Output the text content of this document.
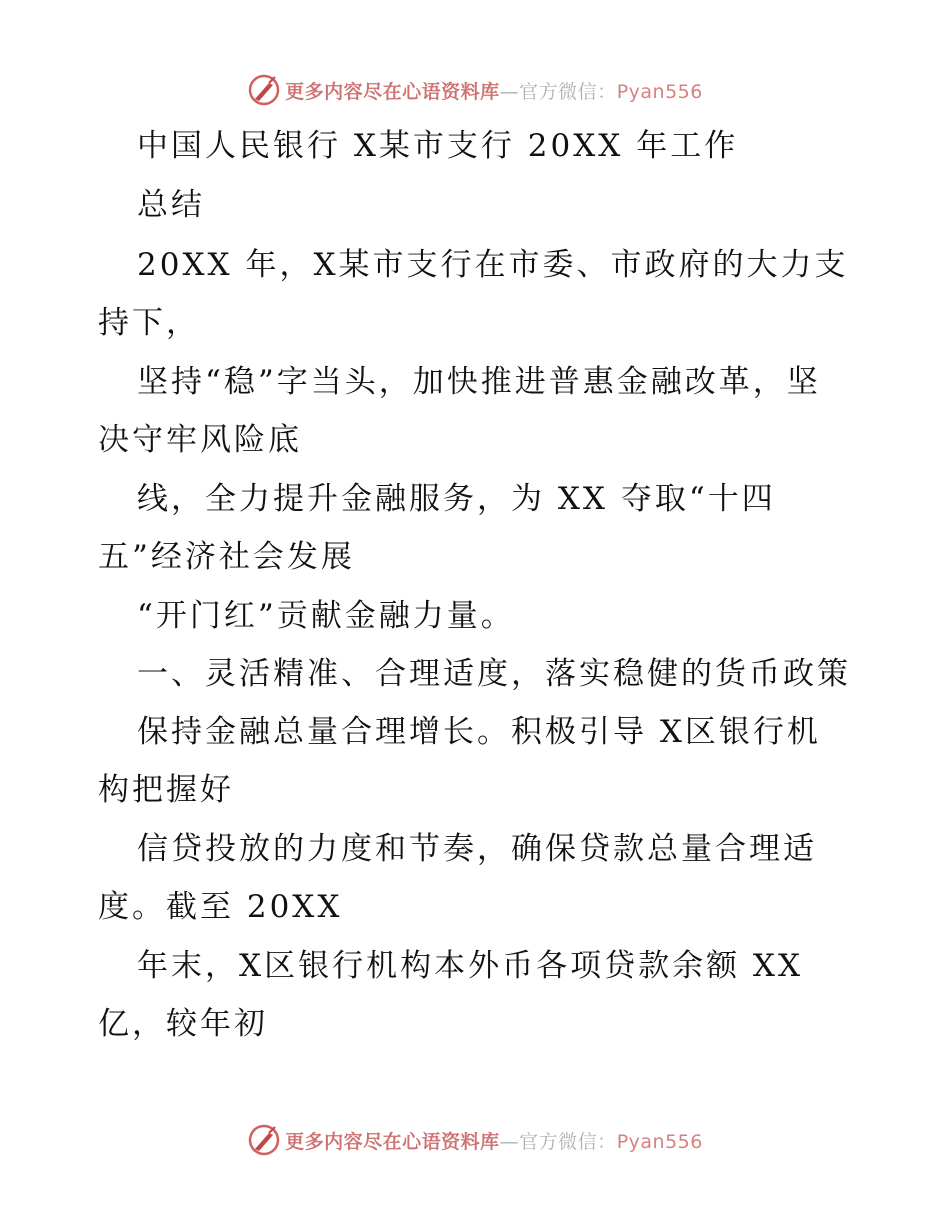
更多内容尽在心语资料库—官方微信：Pyan556
中国人民银行 X某市支行 20XX 年工作
总结
20XX 年，X某市支行在市委、市政府的大力支
持下，
坚持“稳”字当头，加快推进普惠金融改革，坚
决守牢风险底
线，全力提升金融服务，为 XX 夺取“十四
五”经济社会发展
“开门红”贡献金融力量。
一、灵活精准、合理适度，落实稳健的货币政策
保持金融总量合理增长。积极引导 X区银行机
构把握好
信贷投放的力度和节奏，确保贷款总量合理适
度。截至 20XX
年末，X区银行机构本外币各项贷款余额 XX
亿，较年初
更多内容尽在心语资料库—官方微信：Pyan556
